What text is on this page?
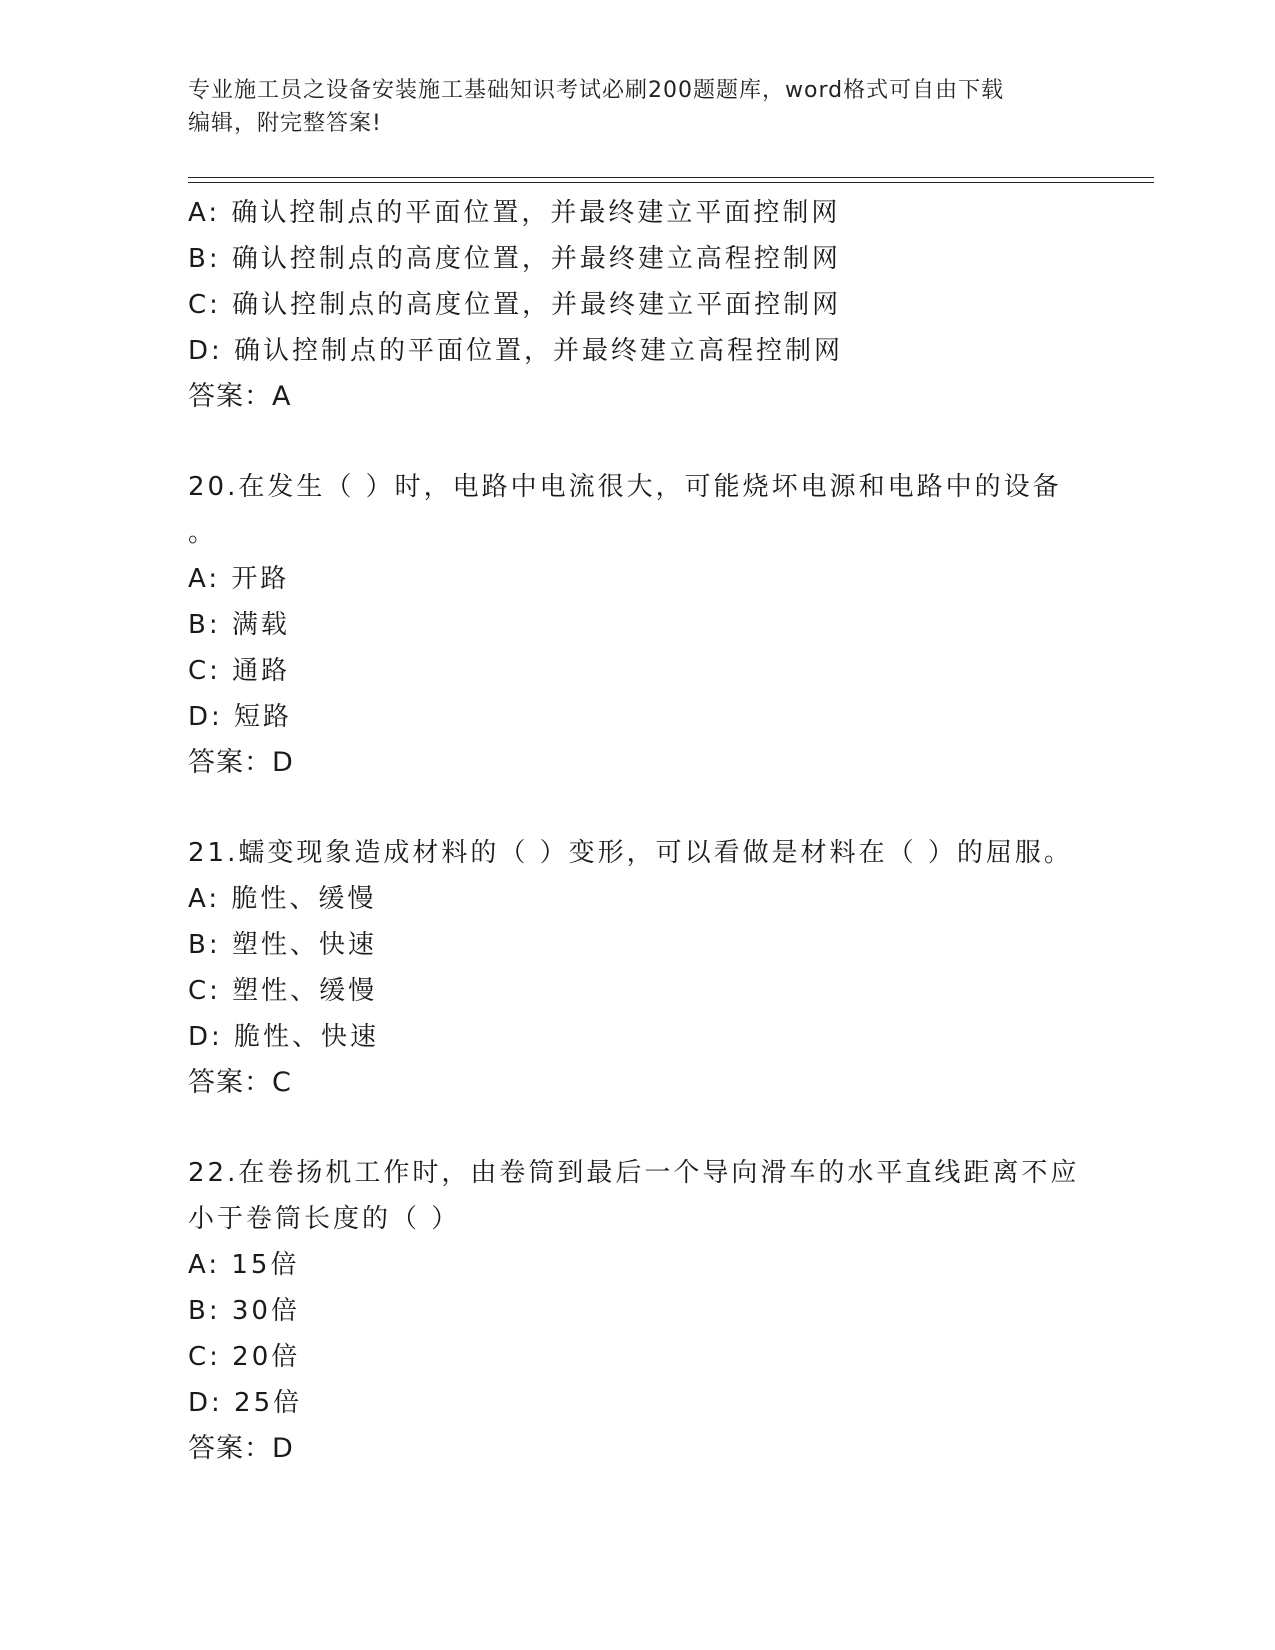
专业施工员之设备安装施工基础知识考试必刷200题题库，word格式可自由下载
编辑，附完整答案!
A: 确认控制点的平面位置，并最终建立平面控制网
B: 确认控制点的高度位置，并最终建立高程控制网
C: 确认控制点的高度位置，并最终建立平面控制网
D: 确认控制点的平面位置，并最终建立高程控制网
答案：A
20.在发生（ ）时，电路中电流很大，可能烧坏电源和电路中的设备
。
A: 开路
B: 满载
C: 通路
D: 短路
答案：D
21.蠕变现象造成材料的（ ）变形，可以看做是材料在（ ）的屈服。
A: 脆性、缓慢
B: 塑性、快速
C: 塑性、缓慢
D: 脆性、快速
答案：C
22.在卷扬机工作时，由卷筒到最后一个导向滑车的水平直线距离不应
小于卷筒长度的（ ）
A: 15倍
B: 30倍
C: 20倍
D: 25倍
答案：D
